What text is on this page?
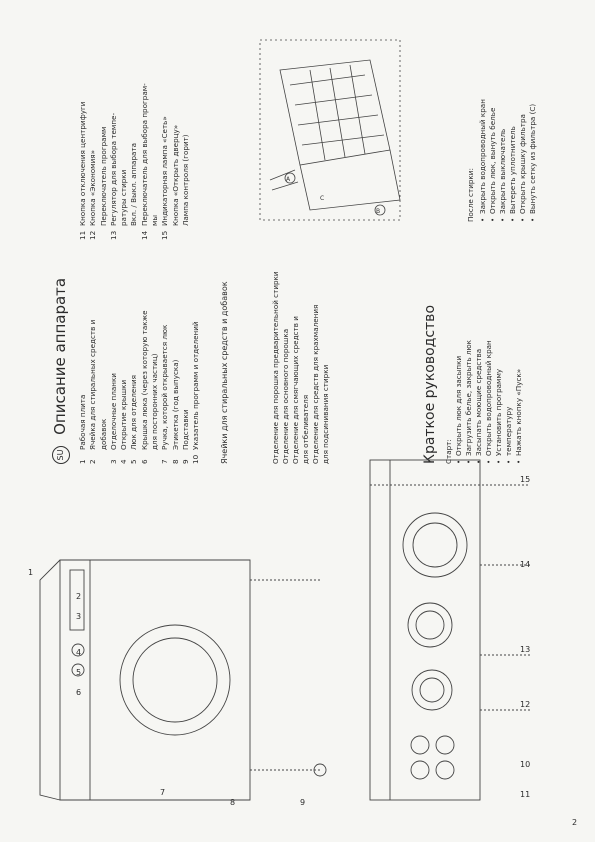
SU Описание аппарата
1Рабочая плита
2Ячейка для стиральных средств и добавок
3Отделочные планки
4Открытие крышки
5Люк для отделения
6Крышка люка (через которую также для посторонних частиц)
7Ручка, которой открывается люк
8Этикетка (год выпуска)
9Подставки
10Указатель программ и отделений
11Кнопка отключения центрифуги
12Кнопка «Экономия» Переключатель программ
13Регулятор для выбора темпе- ратуры стирки Вкл. / Выкл. аппарата
14Переключатель для выбора програм- мы
15Индикаторная лампа «Сеть» Кнопка «Открыть дверцу» Лампа контроля (горит)
Ячейки для стиральных средств и добавок	Отделение для порошка предварительной стирки Отделение для основного порошка Отделение для смягчающих средств и для отбеливателя Отделение для средств для крахмаления для подсинивания стирки
A
B
C
Краткое руководство Старт: •Открыть люк для засыпки
•Загрузить белье, закрыть люк
•Засыпать моющие средства
•Открыть водопроводный кран
•Установить программу
•температуру
•Нажать кнопку «Пуск»
После стирки: •Закрыть водопроводный кран
•Открыть люк, вынуть белье
•Закрыть выключатель
•Вытереть уплотнитель
•Открыть крышку фильтра
•Вынуть сетку из фильтра (С)
1
2
3
4
5
6
7
8	9
10
11
12
13
14
15
2
